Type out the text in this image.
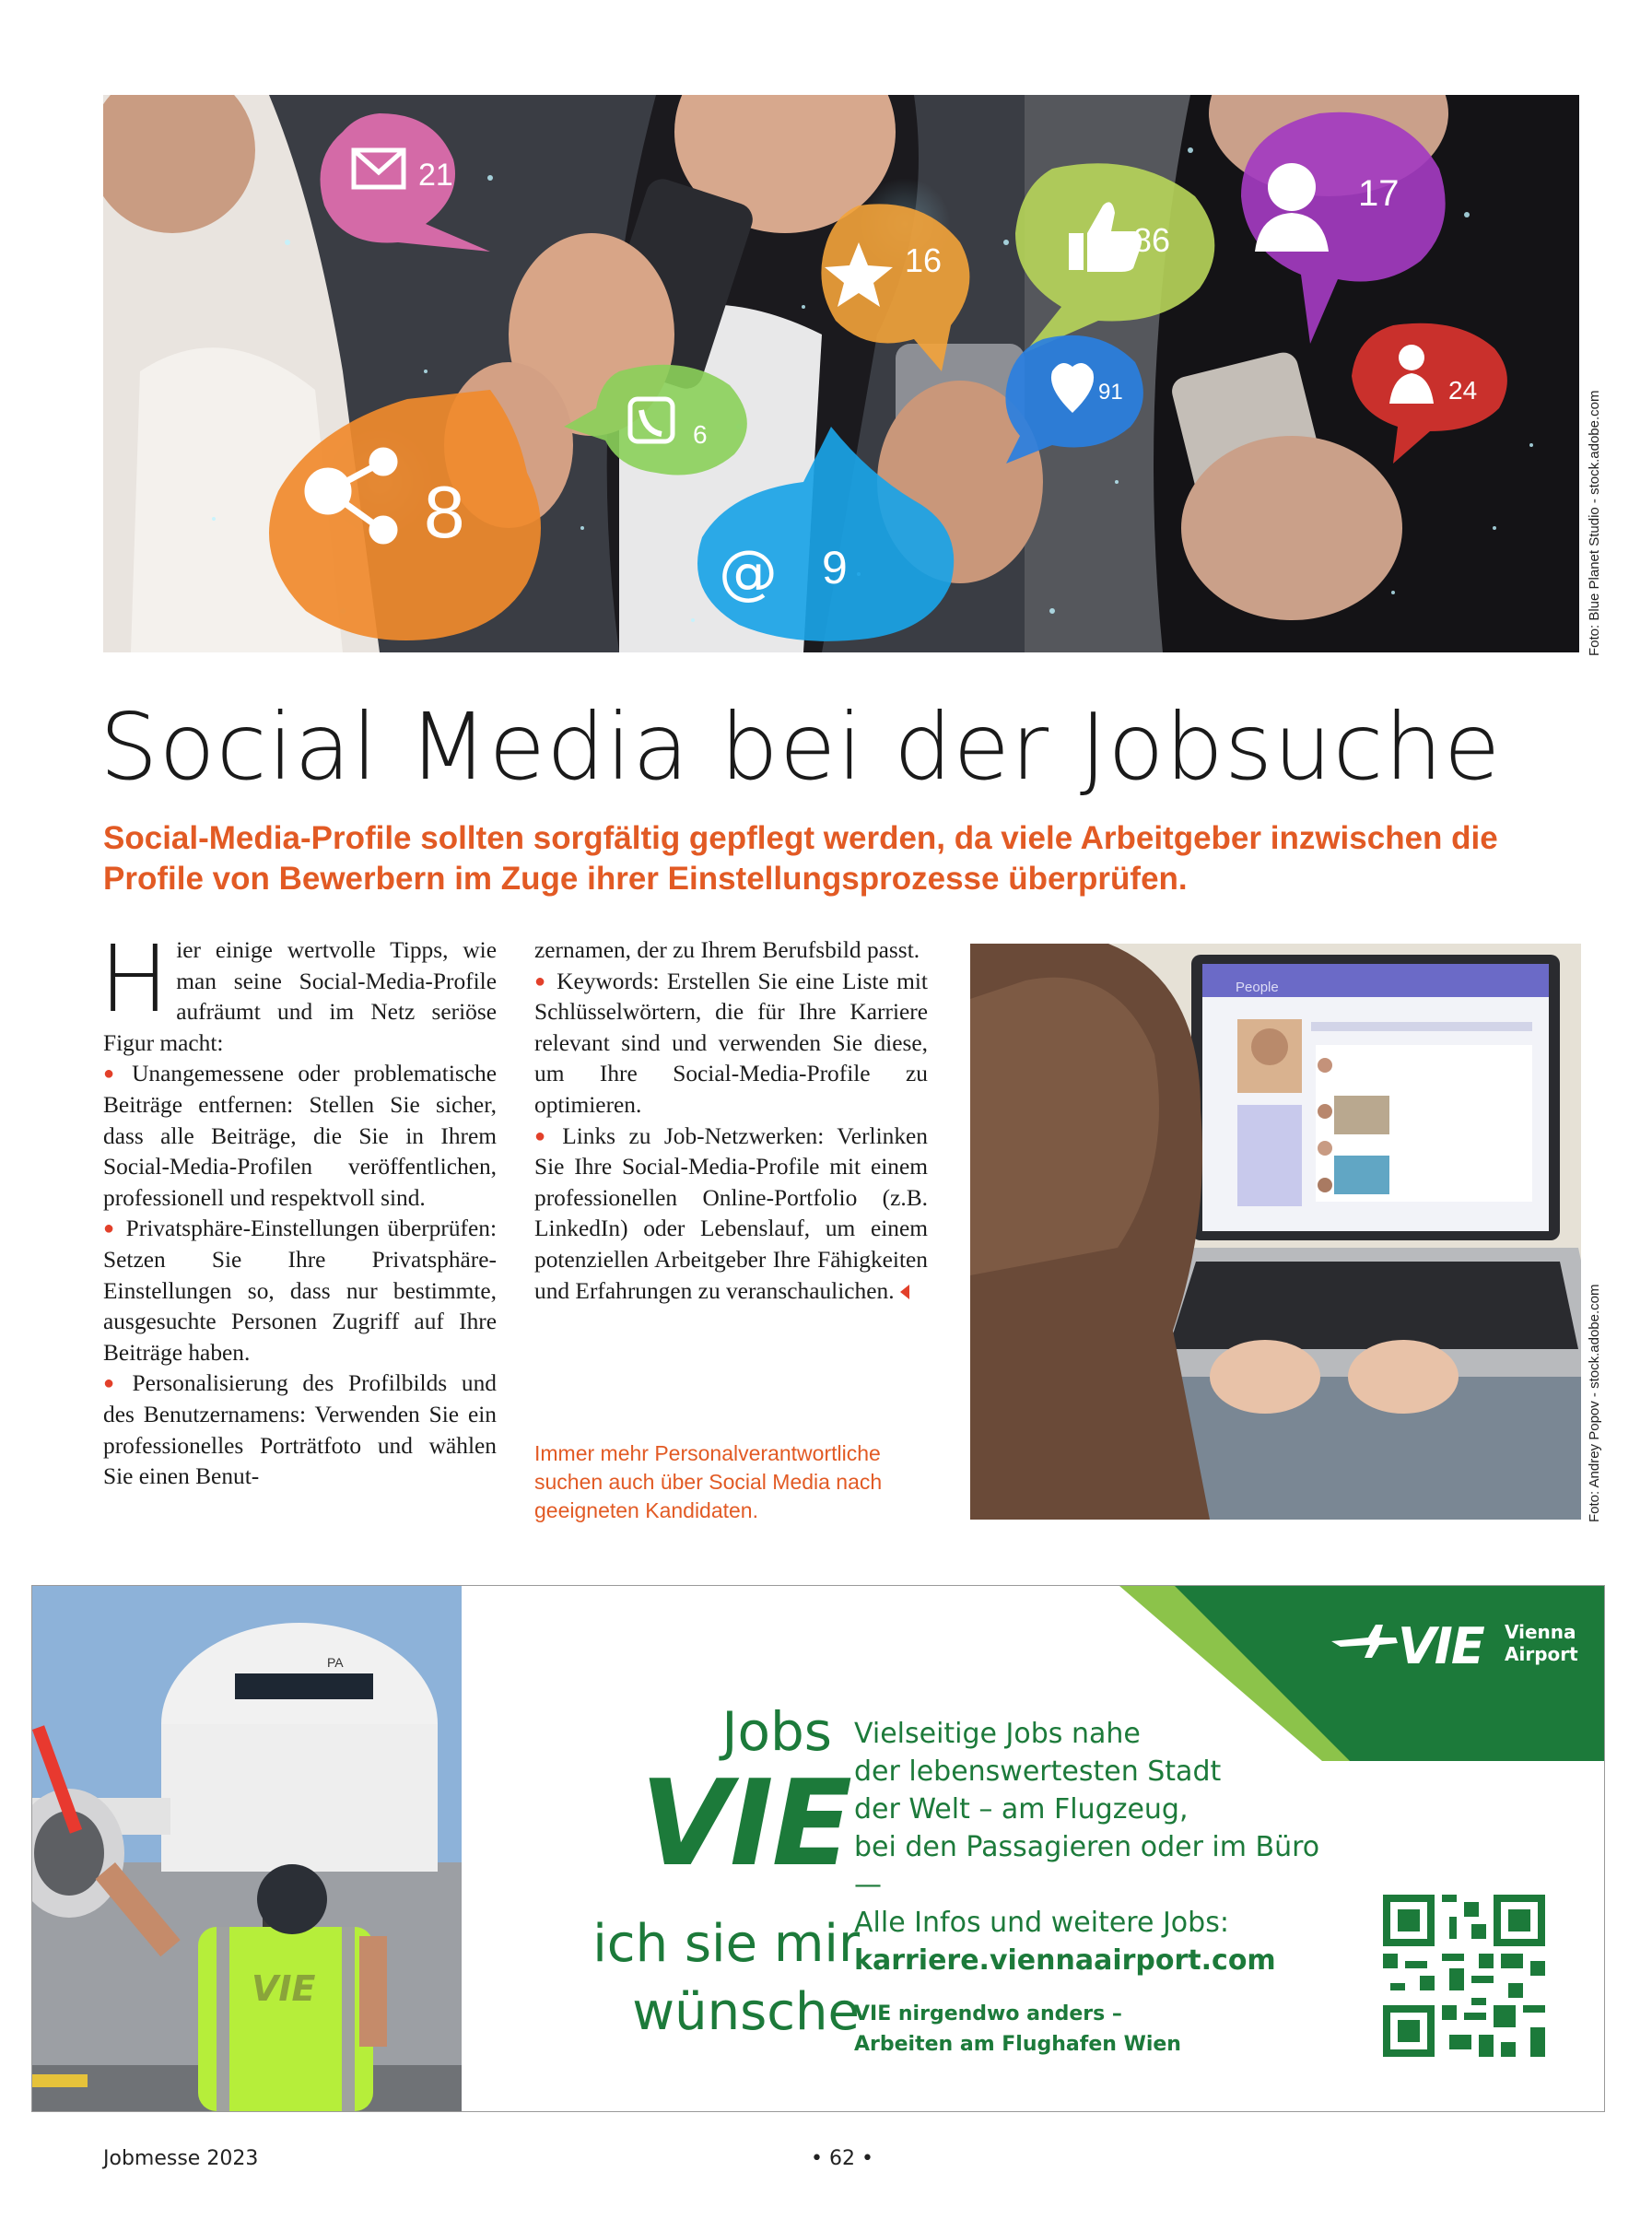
21
16
86
17
6
91	24
8
@ 9	Foto: Blue Planet Studio - stock.adobe.com
Social Media bei der Jobsuche
Social-Media-Profile sollten sorgfältig gepflegt werden, da viele Arbeitgeber inzwischen die Profile von Bewerbern im Zuge ihrer Einstellungsprozesse überprüfen.

Hier einige wertvolle Tipps, wie man seine Social-Media-Profile aufräumt und im Netz seriöse Figur macht:

● Unangemessene oder problematische Beiträge entfernen: Stellen Sie sicher, dass alle Beiträge, die Sie in Ihrem Social-Media-Profilen veröffentlichen, professionell und respektvoll sind.

● Privatsphäre-Einstellungen überprüfen: Setzen Sie Ihre Privatsphäre-Einstellungen so, dass nur bestimmte, ausgesuchte Personen Zugriff auf Ihre Beiträge haben.

● Personalisierung des Profilbilds und des Benutzernamens: Verwenden Sie ein professionelles Porträtfoto und wählen Sie einen Benut-

zernamen, der zu Ihrem Berufsbild passt.

● Keywords: Erstellen Sie eine Liste mit Schlüsselwörtern, die für Ihre Karriere relevant sind und verwenden Sie diese, um Ihre Social-Media-Profile zu optimieren.

● Links zu Job-Netzwerken: Verlinken Sie Ihre Social-Media-Profile mit einem professionellen Online-Portfolio (z.B. LinkedIn) oder Lebenslauf, um einem potenziellen Arbeitgeber Ihre Fähigkeiten und Erfahrungen zu veranschaulichen.

Immer mehr Personalverantwortliche suchen auch über Social Media nach geeigneten Kandidaten.
People
Foto: Andrey Popov - stock.adobe.com
PA
VIE
VIE Vienna
Airport
Jobs
VIE
ich sie mir
wünsche
Vielseitige Jobs nahe
der lebenswertesten Stadt
der Welt – am Flugzeug,
bei den Passagieren oder im Büro
—
Alle Infos und weitere Jobs:
karriere.viennaairport.com
VIE nirgendwo anders –
Arbeiten am Flughafen Wien
Jobmesse 2023	• 62 •
